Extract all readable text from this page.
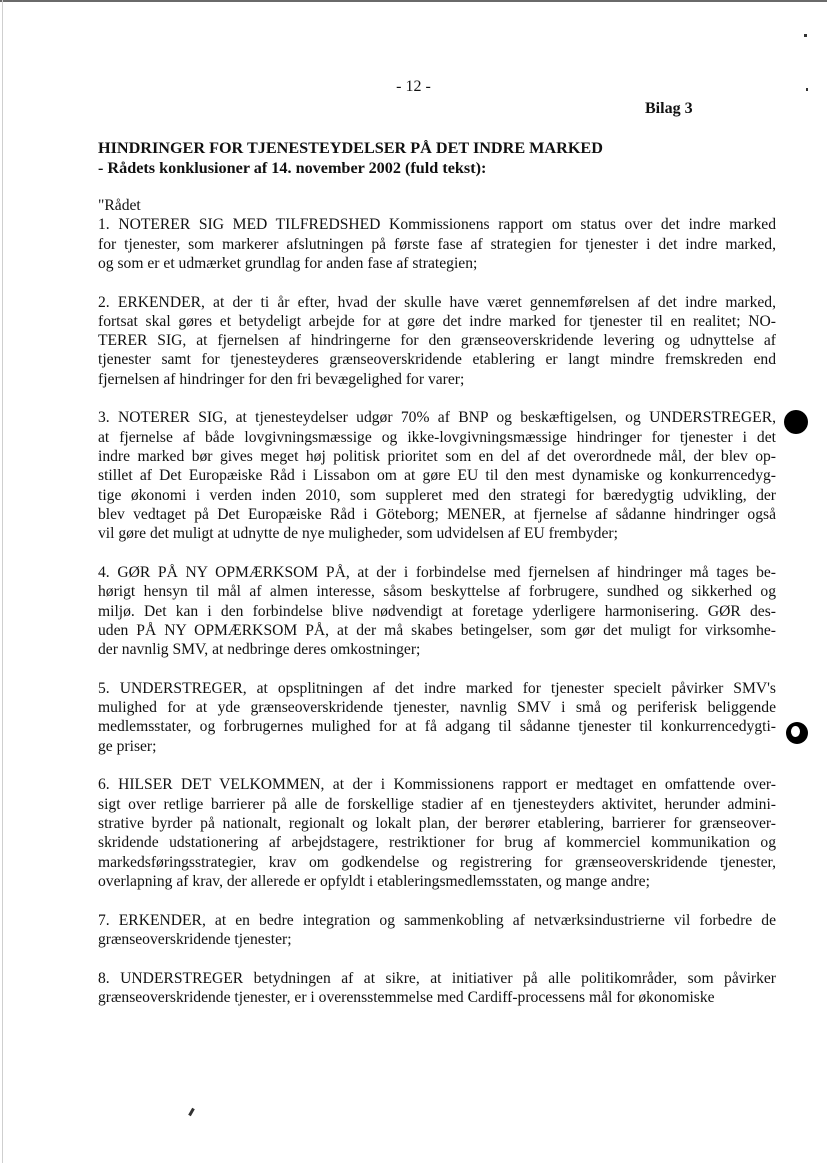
- 12 -
Bilag 3
HINDRINGER FOR TJENESTEYDELSER PÅ DET INDRE MARKED
- Rådets konklusioner af 14. november 2002 (fuld tekst):

"Rådet

1. NOTERER SIG MED TILFREDSHED Kommissionens rapport om status over det indre marked
for tjenester, som markerer afslutningen på første fase af strategien for tjenester i det indre marked,
og som er et udmærket grundlag for anden fase af strategien;
2. ERKENDER, at der ti år efter, hvad der skulle have været gennemførelsen af det indre marked,
fortsat skal gøres et betydeligt arbejde for at gøre det indre marked for tjenester til en realitet; NO-
TERER SIG, at fjernelsen af hindringerne for den grænseoverskridende levering og udnyttelse af
tjenester samt for tjenesteyderes grænseoverskridende etablering er langt mindre fremskreden end
fjernelsen af hindringer for den fri bevægelighed for varer;
3. NOTERER SIG, at tjenesteydelser udgør 70% af BNP og beskæftigelsen, og UNDERSTREGER,
at fjernelse af både lovgivningsmæssige og ikke-lovgivningsmæssige hindringer for tjenester i det
indre marked bør gives meget høj politisk prioritet som en del af det overordnede mål, der blev op-
stillet af Det Europæiske Råd i Lissabon om at gøre EU til den mest dynamiske og konkurrencedyg-
tige økonomi i verden inden 2010, som suppleret med den strategi for bæredygtig udvikling, der
blev vedtaget på Det Europæiske Råd i Göteborg; MENER, at fjernelse af sådanne hindringer også
vil gøre det muligt at udnytte de nye muligheder, som udvidelsen af EU frembyder;
4. GØR PÅ NY OPMÆRKSOM PÅ, at der i forbindelse med fjernelsen af hindringer må tages be-
hørigt hensyn til mål af almen interesse, såsom beskyttelse af forbrugere, sundhed og sikkerhed og
miljø. Det kan i den forbindelse blive nødvendigt at foretage yderligere harmonisering. GØR des-
uden PÅ NY OPMÆRKSOM PÅ, at der må skabes betingelser, som gør det muligt for virksomhe-
der navnlig SMV, at nedbringe deres omkostninger;
5. UNDERSTREGER, at opsplitningen af det indre marked for tjenester specielt påvirker SMV's
mulighed for at yde grænseoverskridende tjenester, navnlig SMV i små og periferisk beliggende
medlemsstater, og forbrugernes mulighed for at få adgang til sådanne tjenester til konkurrencedygti-
ge priser;
6. HILSER DET VELKOMMEN, at der i Kommissionens rapport er medtaget en omfattende over-
sigt over retlige barrierer på alle de forskellige stadier af en tjenesteyders aktivitet, herunder admini-
strative byrder på nationalt, regionalt og lokalt plan, der berører etablering, barrierer for grænseover-
skridende udstationering af arbejdstagere, restriktioner for brug af kommerciel kommunikation og
markedsføringsstrategier, krav om godkendelse og registrering for grænseoverskridende tjenester,
overlapning af krav, der allerede er opfyldt i etableringsmedlemsstaten, og mange andre;
7. ERKENDER, at en bedre integration og sammenkobling af netværksindustrierne vil forbedre de
grænseoverskridende tjenester;
8. UNDERSTREGER betydningen af at sikre, at initiativer på alle politikområder, som påvirker
grænseoverskridende tjenester, er i overensstemmelse med Cardiff-processens mål for økonomiske
